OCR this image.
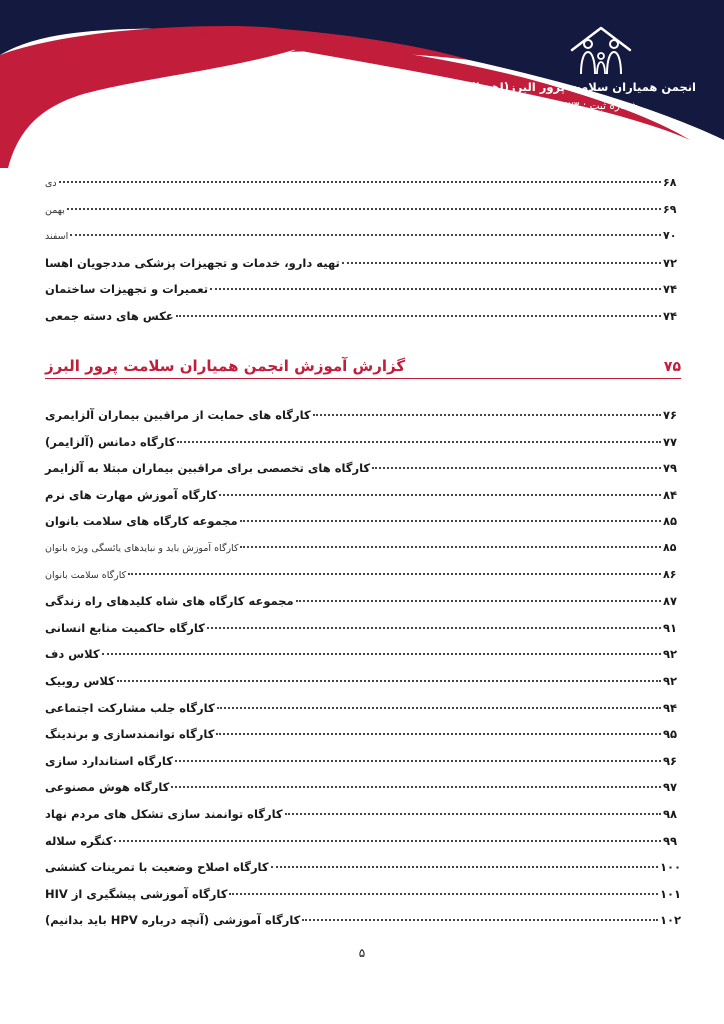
انجمن همیاران سلامت پرور البرز(اهسا)
شماره ثبت : ۲۴۲۳
دی	۶۸
بهمن	۶۹
اسفند	۷۰
تهیه دارو، خدمات و تجهیزات پزشکی مددجویان اهسا	۷۲
تعمیرات و تجهیزات ساختمان	۷۴
عکس های دسته جمعی	۷۴
گزارش آموزش انجمن همیاران سلامت پرور البرز	۷۵
کارگاه های حمایت از مراقبین بیماران آلزایمری	۷۶
کارگاه دمانس (آلزایمر)	۷۷
کارگاه های تخصصی برای مراقبین بیماران مبتلا به آلزایمر	۷۹
کارگاه آموزش مهارت های نرم	۸۴
مجموعه کارگاه های سلامت بانوان	۸۵
کارگاه آموزش باید و نبایدهای یائسگی ویژه بانوان	۸۵
کارگاه سلامت بانوان	۸۶
مجموعه کارگاه های شاه کلیدهای راه زندگی	۸۷
کارگاه حاکمیت منابع انسانی	۹۱
کلاس دف	۹۲
کلاس روبیک	۹۲
کارگاه جلب مشارکت اجتماعی	۹۴
کارگاه توانمندسازی و برندینگ	۹۵
کارگاه استاندارد سازی	۹۶
کارگاه هوش مصنوعی	۹۷
کارگاه توانمند سازی تشکل های مردم نهاد	۹۸
کنگره سلاله	۹۹
کارگاه اصلاح وضعیت با تمرینات کششی	۱۰۰
کارگاه آموزشی پیشگیری از HIV	۱۰۱
کارگاه آموزشی (آنچه درباره HPV باید بدانیم)	۱۰۲
۵
